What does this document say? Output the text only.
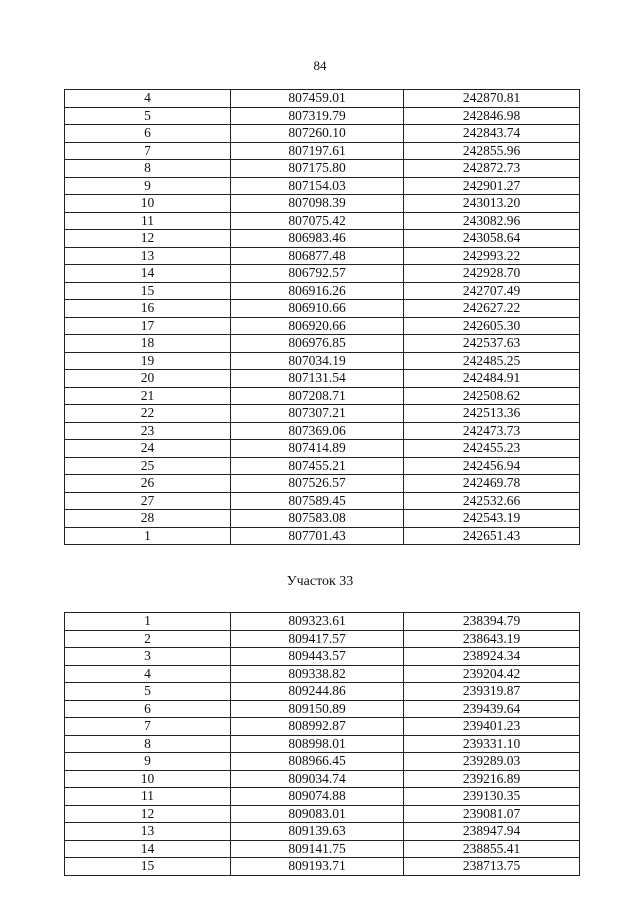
84
4	807459.01	242870.81
5	807319.79	242846.98
6	807260.10	242843.74
7	807197.61	242855.96
8	807175.80	242872.73
9	807154.03	242901.27
10	807098.39	243013.20
11	807075.42	243082.96
12	806983.46	243058.64
13	806877.48	242993.22
14	806792.57	242928.70
15	806916.26	242707.49
16	806910.66	242627.22
17	806920.66	242605.30
18	806976.85	242537.63
19	807034.19	242485.25
20	807131.54	242484.91
21	807208.71	242508.62
22	807307.21	242513.36
23	807369.06	242473.73
24	807414.89	242455.23
25	807455.21	242456.94
26	807526.57	242469.78
27	807589.45	242532.66
28	807583.08	242543.19
1	807701.43	242651.43
Участок 33
1	809323.61	238394.79
2	809417.57	238643.19
3	809443.57	238924.34
4	809338.82	239204.42
5	809244.86	239319.87
6	809150.89	239439.64
7	808992.87	239401.23
8	808998.01	239331.10
9	808966.45	239289.03
10	809034.74	239216.89
11	809074.88	239130.35
12	809083.01	239081.07
13	809139.63	238947.94
14	809141.75	238855.41
15	809193.71	238713.75
